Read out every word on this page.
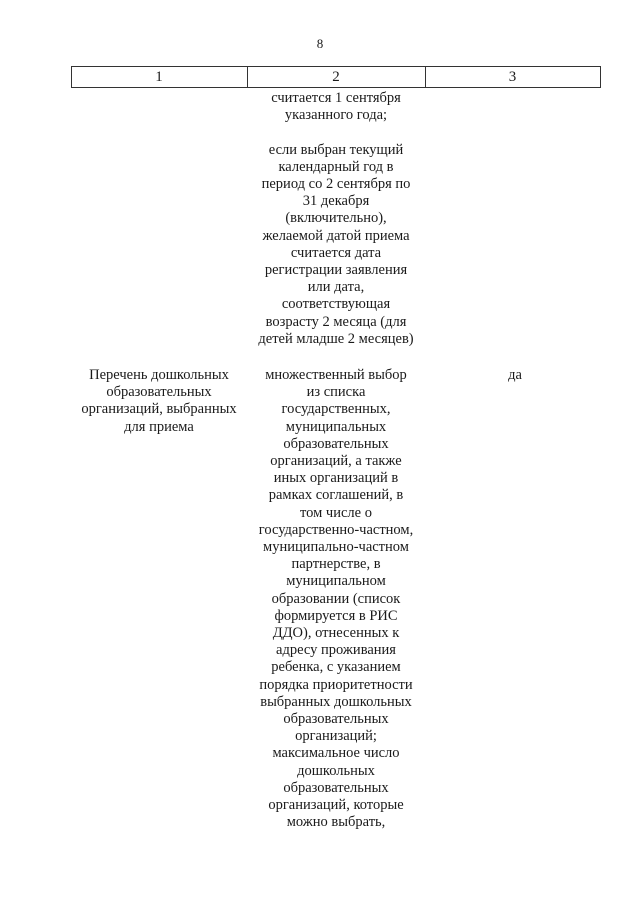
8
1	2	3
считается 1 сентября
указанного года;
если выбран текущий
календарный год в
период со 2 сентября по
31 декабря
(включительно),
желаемой датой приема
считается дата
регистрации заявления
или дата,
соответствующая
возрасту 2 месяца (для
детей младше 2 месяцев)
Перечень дошкольных
образовательных
организаций, выбранных
для приема
множественный выбор
из списка
государственных,
муниципальных
образовательных
организаций, а также
иных организаций в
рамках соглашений, в
том числе о
государственно-частном,
муниципально-частном
партнерстве, в
муниципальном
образовании (список
формируется в РИС
ДДО), отнесенных к
адресу проживания
ребенка, с указанием
порядка приоритетности
выбранных дошкольных
образовательных
организаций;
максимальное число
дошкольных
образовательных
организаций, которые
можно выбрать,
да
